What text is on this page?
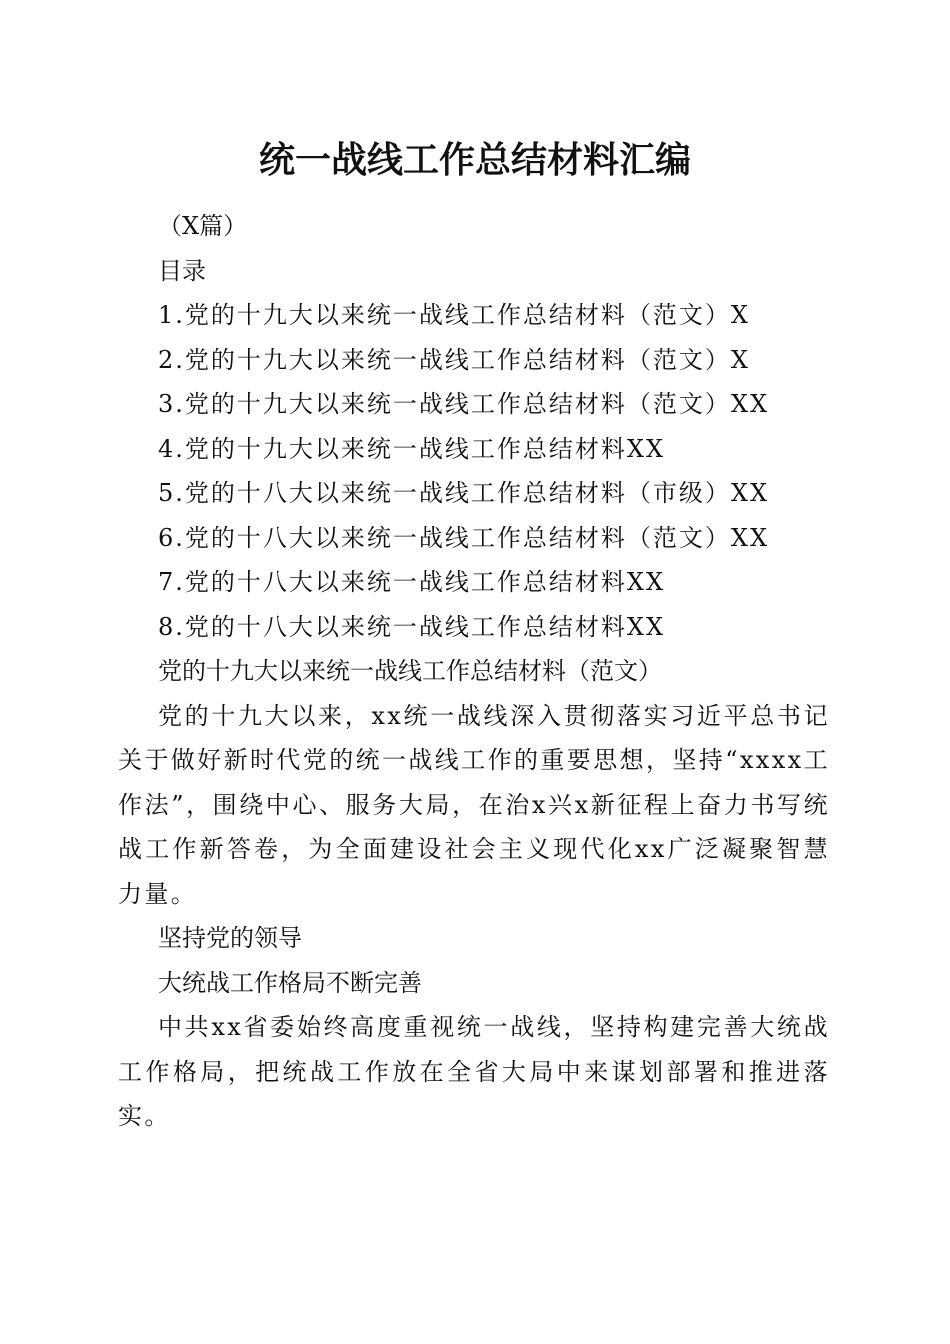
统一战线工作总结材料汇编
（X篇）
目录
1.党的十九大以来统一战线工作总结材料（范文）X
2.党的十九大以来统一战线工作总结材料（范文）X
3.党的十九大以来统一战线工作总结材料（范文）XX
4.党的十九大以来统一战线工作总结材料XX
5.党的十八大以来统一战线工作总结材料（市级）XX
6.党的十八大以来统一战线工作总结材料（范文）XX
7.党的十八大以来统一战线工作总结材料XX
8.党的十八大以来统一战线工作总结材料XX
党的十九大以来统一战线工作总结材料（范文）

党的十九大以来，xx统一战线深入贯彻落实习近平总书记关于做好新时代党的统一战线工作的重要思想，坚持“xxxx工作法”，围绕中心、服务大局，在治x兴x新征程上奋力书写统战工作新答卷，为全面建设社会主义现代化xx广泛凝聚智慧力量。

坚持党的领导
大统战工作格局不断完善

中共xx省委始终高度重视统一战线，坚持构建完善大统战工作格局，把统战工作放在全省大局中来谋划部署和推进落实。
